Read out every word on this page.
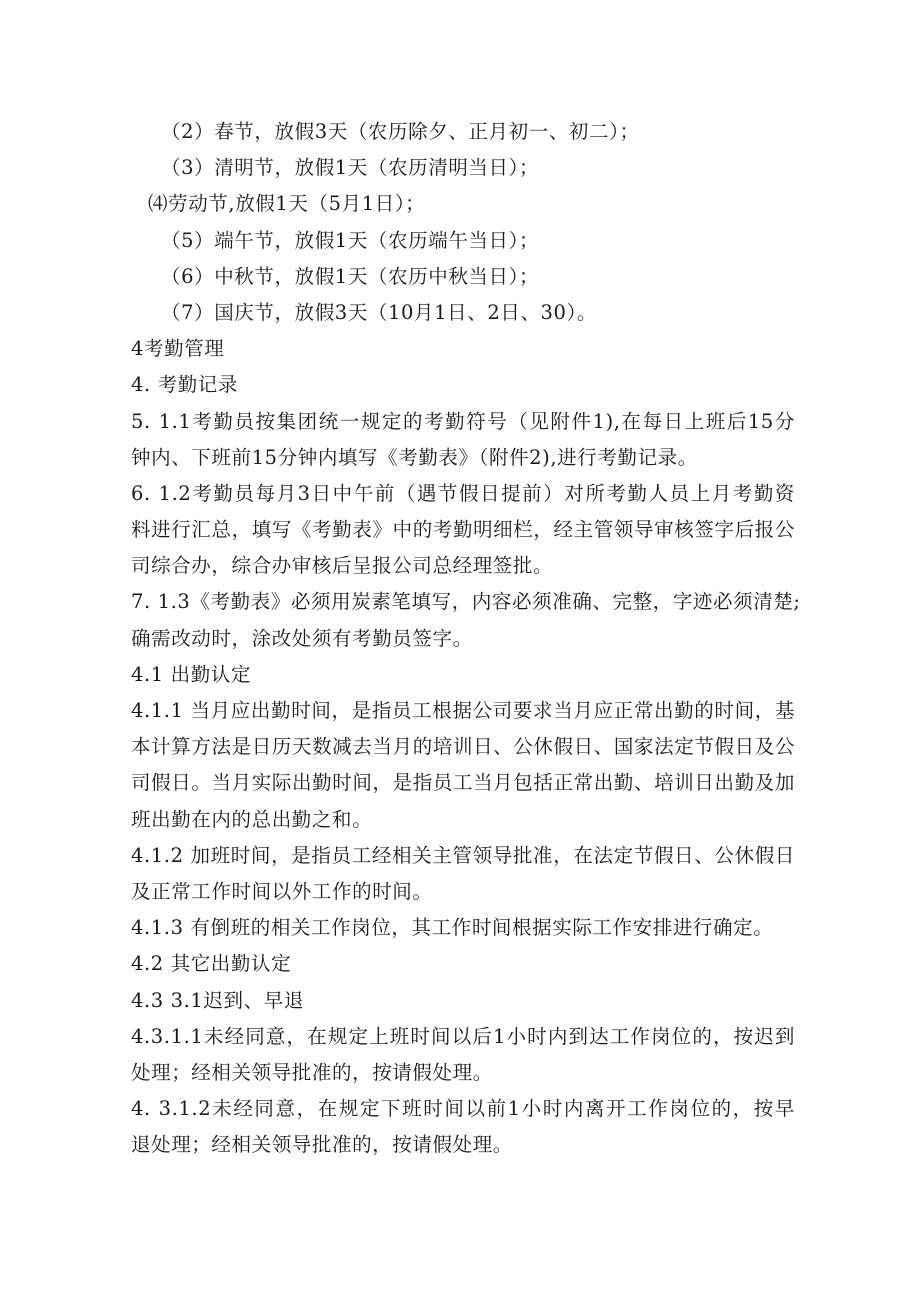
（2）春节，放假3天（农历除夕、正月初一、初二）；
（3）清明节，放假1天（农历清明当日）；
⑷劳动节,放假1天（5月1日）；
（5）端午节，放假1天（农历端午当日）；
（6）中秋节，放假1天（农历中秋当日）；
（7）国庆节，放假3天（10月1日、2日、30）。
4考勤管理
4. 考勤记录
5. 1.1考勤员按集团统一规定的考勤符号（见附件1),在每日上班后15分
钟内、下班前15分钟内填写《考勤表》（附件2),进行考勤记录。
6. 1.2考勤员每月3日中午前（遇节假日提前）对所考勤人员上月考勤资
料进行汇总，填写《考勤表》中的考勤明细栏，经主管领导审核签字后报公
司综合办，综合办审核后呈报公司总经理签批。
7. 1.3《考勤表》必须用炭素笔填写，内容必须准确、完整，字迹必须清楚;
确需改动时，涂改处须有考勤员签字。
4.1 出勤认定
4.1.1 当月应出勤时间，是指员工根据公司要求当月应正常出勤的时间，基
本计算方法是日历天数减去当月的培训日、公休假日、国家法定节假日及公
司假日。当月实际出勤时间，是指员工当月包括正常出勤、培训日出勤及加
班出勤在内的总出勤之和。
4.1.2 加班时间，是指员工经相关主管领导批准，在法定节假日、公休假日
及正常工作时间以外工作的时间。
4.1.3 有倒班的相关工作岗位，其工作时间根据实际工作安排进行确定。
4.2 其它出勤认定
4.3 3.1迟到、早退
4.3.1.1未经同意，在规定上班时间以后1小时内到达工作岗位的，按迟到
处理；经相关领导批准的，按请假处理。
4. 3.1.2未经同意，在规定下班时间以前1小时内离开工作岗位的，按早
退处理；经相关领导批准的，按请假处理。
